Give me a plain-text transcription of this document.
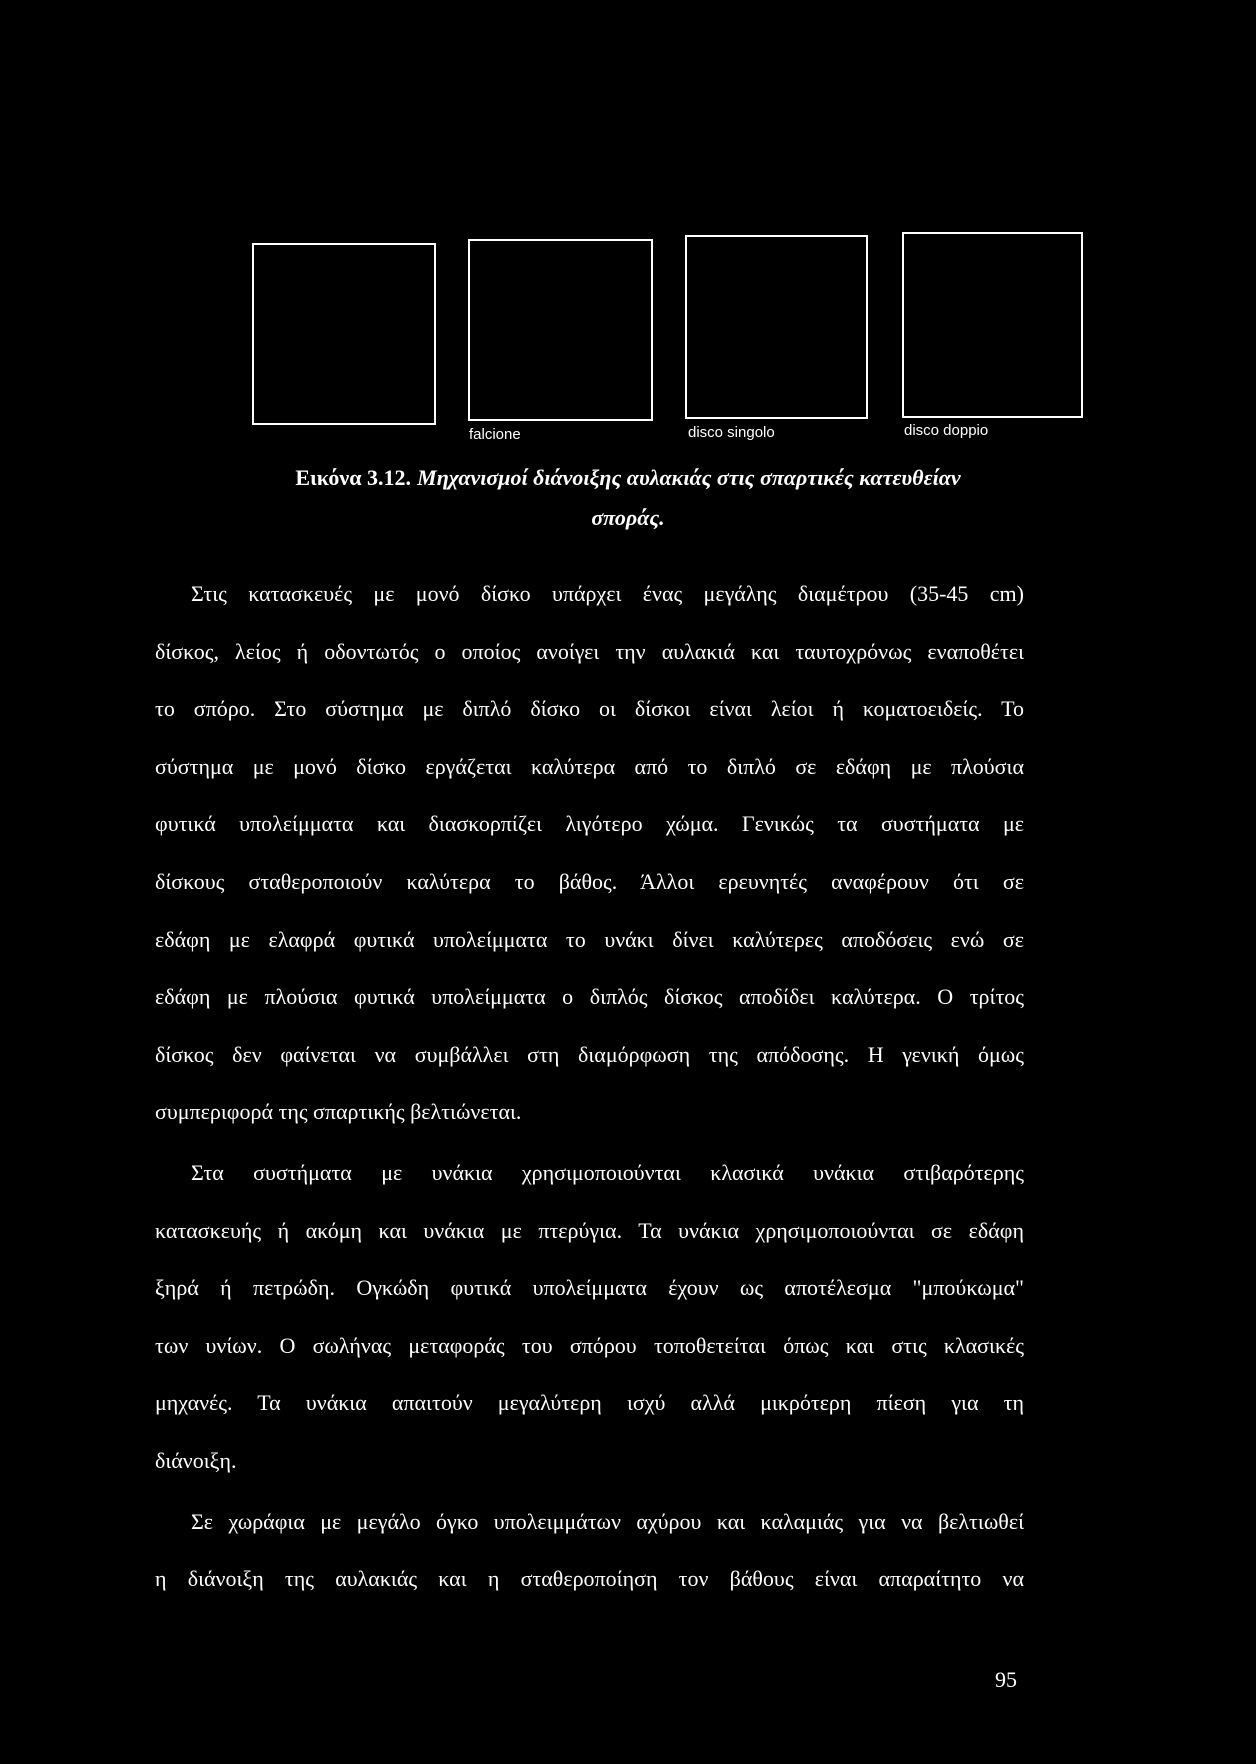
falcione	disco singolo	disco doppio
Εικόνα 3.12. Μηχανισμοί διάνοιξης αυλακιάς στις σπαρτικές κατευθείαν
σποράς.
Στις κατασκευές με μονό δίσκο υπάρχει ένας μεγάλης διαμέτρου (35-45 cm)
δίσκος, λείος ή οδοντωτός ο οποίος ανοίγει την αυλακιά και ταυτοχρόνως εναποθέτει
το σπόρο. Στο σύστημα με διπλό δίσκο οι δίσκοι είναι λείοι ή κοματοειδείς. Το
σύστημα με μονό δίσκο εργάζεται καλύτερα από το διπλό σε εδάφη με πλούσια
φυτικά υπολείμματα και διασκορπίζει λιγότερο χώμα. Γενικώς τα συστήματα με
δίσκους σταθεροποιούν καλύτερα το βάθος. Άλλοι ερευνητές αναφέρουν ότι σε
εδάφη με ελαφρά φυτικά υπολείμματα το υνάκι δίνει καλύτερες αποδόσεις ενώ σε
εδάφη με πλούσια φυτικά υπολείμματα ο διπλός δίσκος αποδίδει καλύτερα. Ο τρίτος
δίσκος δεν φαίνεται να συμβάλλει στη διαμόρφωση της απόδοσης. Η γενική όμως
συμπεριφορά της σπαρτικής βελτιώνεται.
Στα συστήματα με υνάκια χρησιμοποιούνται κλασικά υνάκια στιβαρότερης
κατασκευής ή ακόμη και υνάκια με πτερύγια. Τα υνάκια χρησιμοποιούνται σε εδάφη
ξηρά ή πετρώδη. Ογκώδη φυτικά υπολείμματα έχουν ως αποτέλεσμα "μπούκωμα"
των υνίων. Ο σωλήνας μεταφοράς του σπόρου τοποθετείται όπως και στις κλασικές
μηχανές. Τα υνάκια απαιτούν μεγαλύτερη ισχύ αλλά μικρότερη πίεση για τη
διάνοιξη.
Σε χωράφια με μεγάλο όγκο υπολειμμάτων αχύρου και καλαμιάς για να βελτιωθεί
η διάνοιξη της αυλακιάς και η σταθεροποίηση τον βάθους είναι απαραίτητο να
95
